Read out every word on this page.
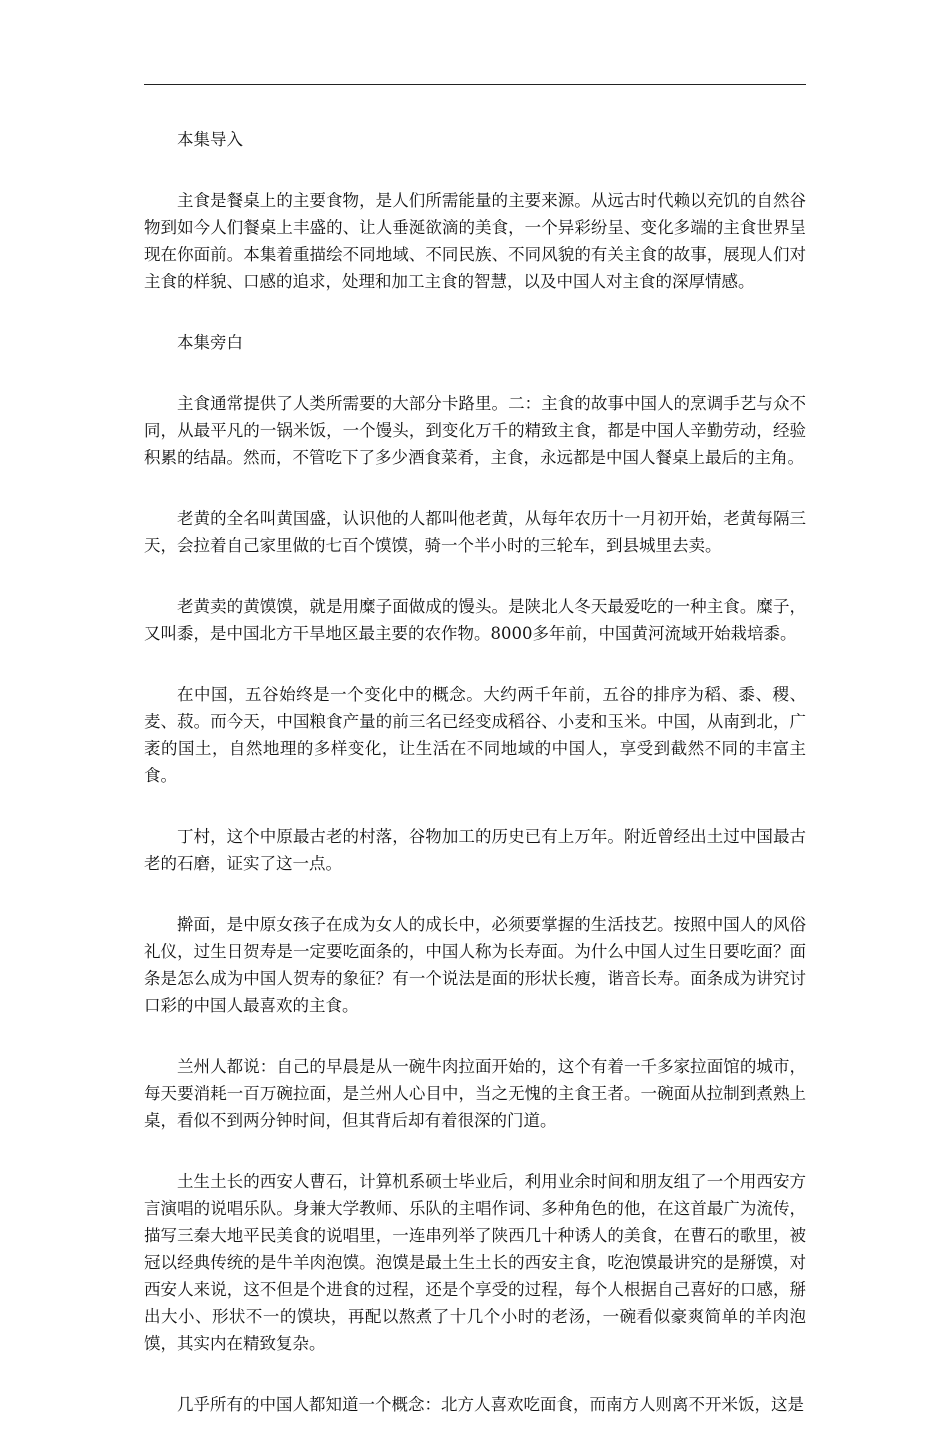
本集导入

主食是餐桌上的主要食物，是人们所需能量的主要来源。从远古时代赖以充饥的自然谷物到如今人们餐桌上丰盛的、让人垂涎欲滴的美食，一个异彩纷呈、变化多端的主食世界呈现在你面前。本集着重描绘不同地域、不同民族、不同风貌的有关主食的故事，展现人们对主食的样貌、口感的追求，处理和加工主食的智慧，以及中国人对主食的深厚情感。

本集旁白

主食通常提供了人类所需要的大部分卡路里。二：主食的故事中国人的烹调手艺与众不同，从最平凡的一锅米饭，一个馒头，到变化万千的精致主食，都是中国人辛勤劳动，经验积累的结晶。然而，不管吃下了多少酒食菜肴，主食，永远都是中国人餐桌上最后的主角。

老黄的全名叫黄国盛，认识他的人都叫他老黄，从每年农历十一月初开始，老黄每隔三天，会拉着自己家里做的七百个馍馍，骑一个半小时的三轮车，到县城里去卖。

老黄卖的黄馍馍，就是用糜子面做成的馒头。是陕北人冬天最爱吃的一种主食。糜子，又叫黍，是中国北方干旱地区最主要的农作物。8000多年前，中国黄河流域开始栽培黍。

在中国，五谷始终是一个变化中的概念。大约两千年前，五谷的排序为稻、黍、稷、麦、菽。而今天，中国粮食产量的前三名已经变成稻谷、小麦和玉米。中国，从南到北，广袤的国土，自然地理的多样变化，让生活在不同地域的中国人，享受到截然不同的丰富主食。

丁村，这个中原最古老的村落，谷物加工的历史已有上万年。附近曾经出土过中国最古老的石磨，证实了这一点。

擀面，是中原女孩子在成为女人的成长中，必须要掌握的生活技艺。按照中国人的风俗礼仪，过生日贺寿是一定要吃面条的，中国人称为长寿面。为什么中国人过生日要吃面？面条是怎么成为中国人贺寿的象征？有一个说法是面的形状长瘦，谐音长寿。面条成为讲究讨口彩的中国人最喜欢的主食。

兰州人都说：自己的早晨是从一碗牛肉拉面开始的，这个有着一千多家拉面馆的城市，每天要消耗一百万碗拉面，是兰州人心目中，当之无愧的主食王者。一碗面从拉制到煮熟上桌，看似不到两分钟时间，但其背后却有着很深的门道。

土生土长的西安人曹石，计算机系硕士毕业后，利用业余时间和朋友组了一个用西安方言演唱的说唱乐队。身兼大学教师、乐队的主唱作词、多种角色的他，在这首最广为流传，描写三秦大地平民美食的说唱里，一连串列举了陕西几十种诱人的美食，在曹石的歌里，被冠以经典传统的是牛羊肉泡馍。泡馍是最土生土长的西安主食，吃泡馍最讲究的是掰馍，对西安人来说，这不但是个进食的过程，还是个享受的过程，每个人根据自己喜好的口感，掰出大小、形状不一的馍块，再配以熬煮了十几个小时的老汤，一碗看似豪爽简单的羊肉泡馍，其实内在精致复杂。

几乎所有的中国人都知道一个概念：北方人喜欢吃面食，而南方人则离不开米饭，这是
